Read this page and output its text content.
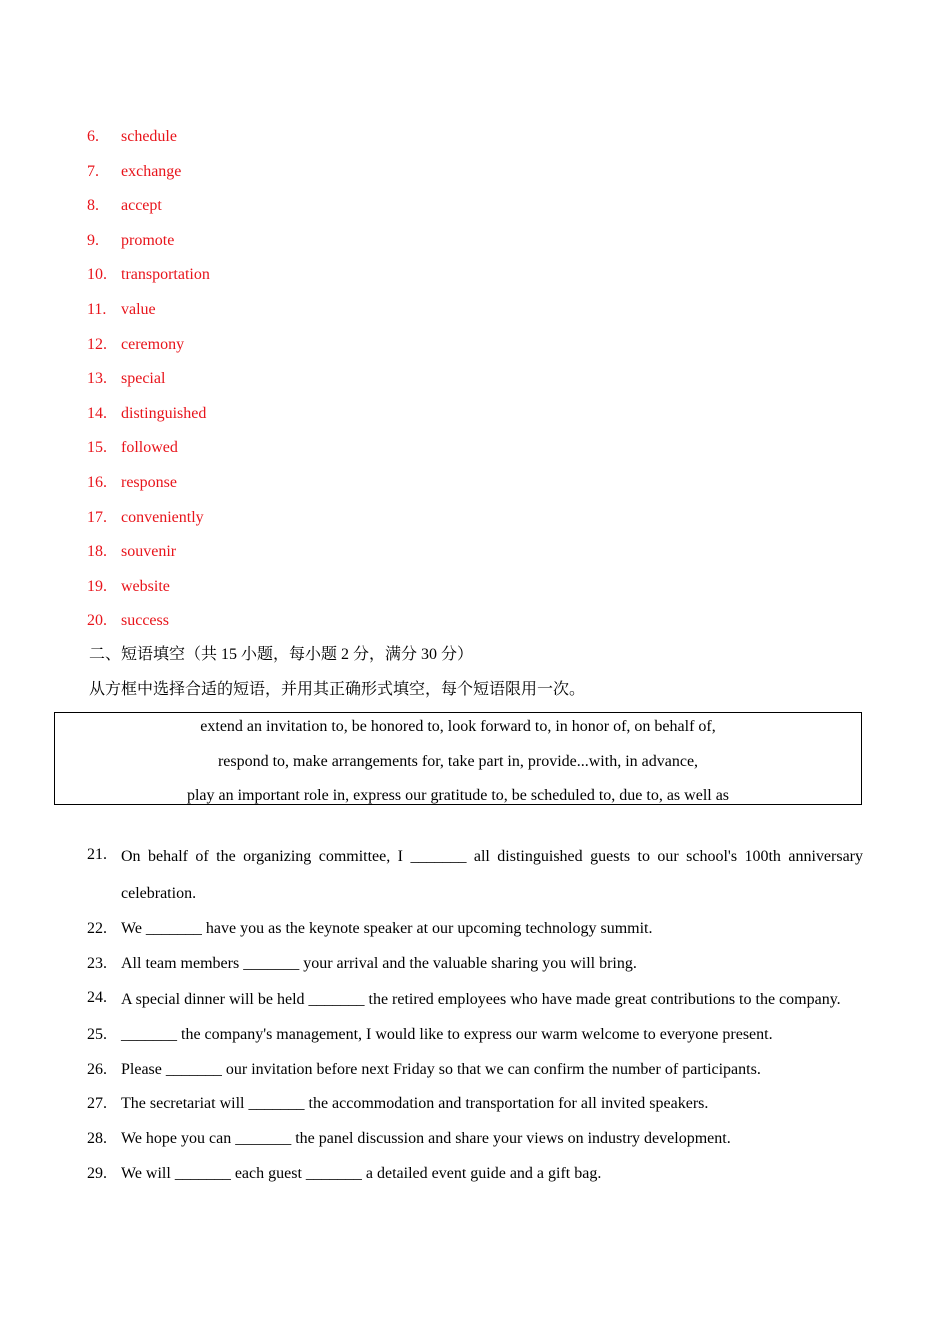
6. schedule
7. exchange
8. accept
9. promote
10. transportation
11. value
12. ceremony
13. special
14. distinguished
15. followed
16. response
17. conveniently
18. souvenir
19. website
20. success
二、短语填空（共 15 小题，每小题 2 分，满分 30 分）
从方框中选择合适的短语，并用其正确形式填空，每个短语限用一次。
extend an invitation to, be honored to, look forward to, in honor of, on behalf of,
respond to, make arrangements for, take part in, provide...with, in advance,
play an important role in, express our gratitude to, be scheduled to, due to, as well as
21. On behalf of the organizing committee, I _______ all distinguished guests to our school's 100th anniversary celebration.
22. We _______ have you as the keynote speaker at our upcoming technology summit.
23. All team members _______ your arrival and the valuable sharing you will bring.
24. A special dinner will be held _______ the retired employees who have made great contributions to the company.
25. _______ the company's management, I would like to express our warm welcome to everyone present.
26. Please _______ our invitation before next Friday so that we can confirm the number of participants.
27. The secretariat will _______ the accommodation and transportation for all invited speakers.
28. We hope you can _______ the panel discussion and share your views on industry development.
29. We will _______ each guest _______ a detailed event guide and a gift bag.
